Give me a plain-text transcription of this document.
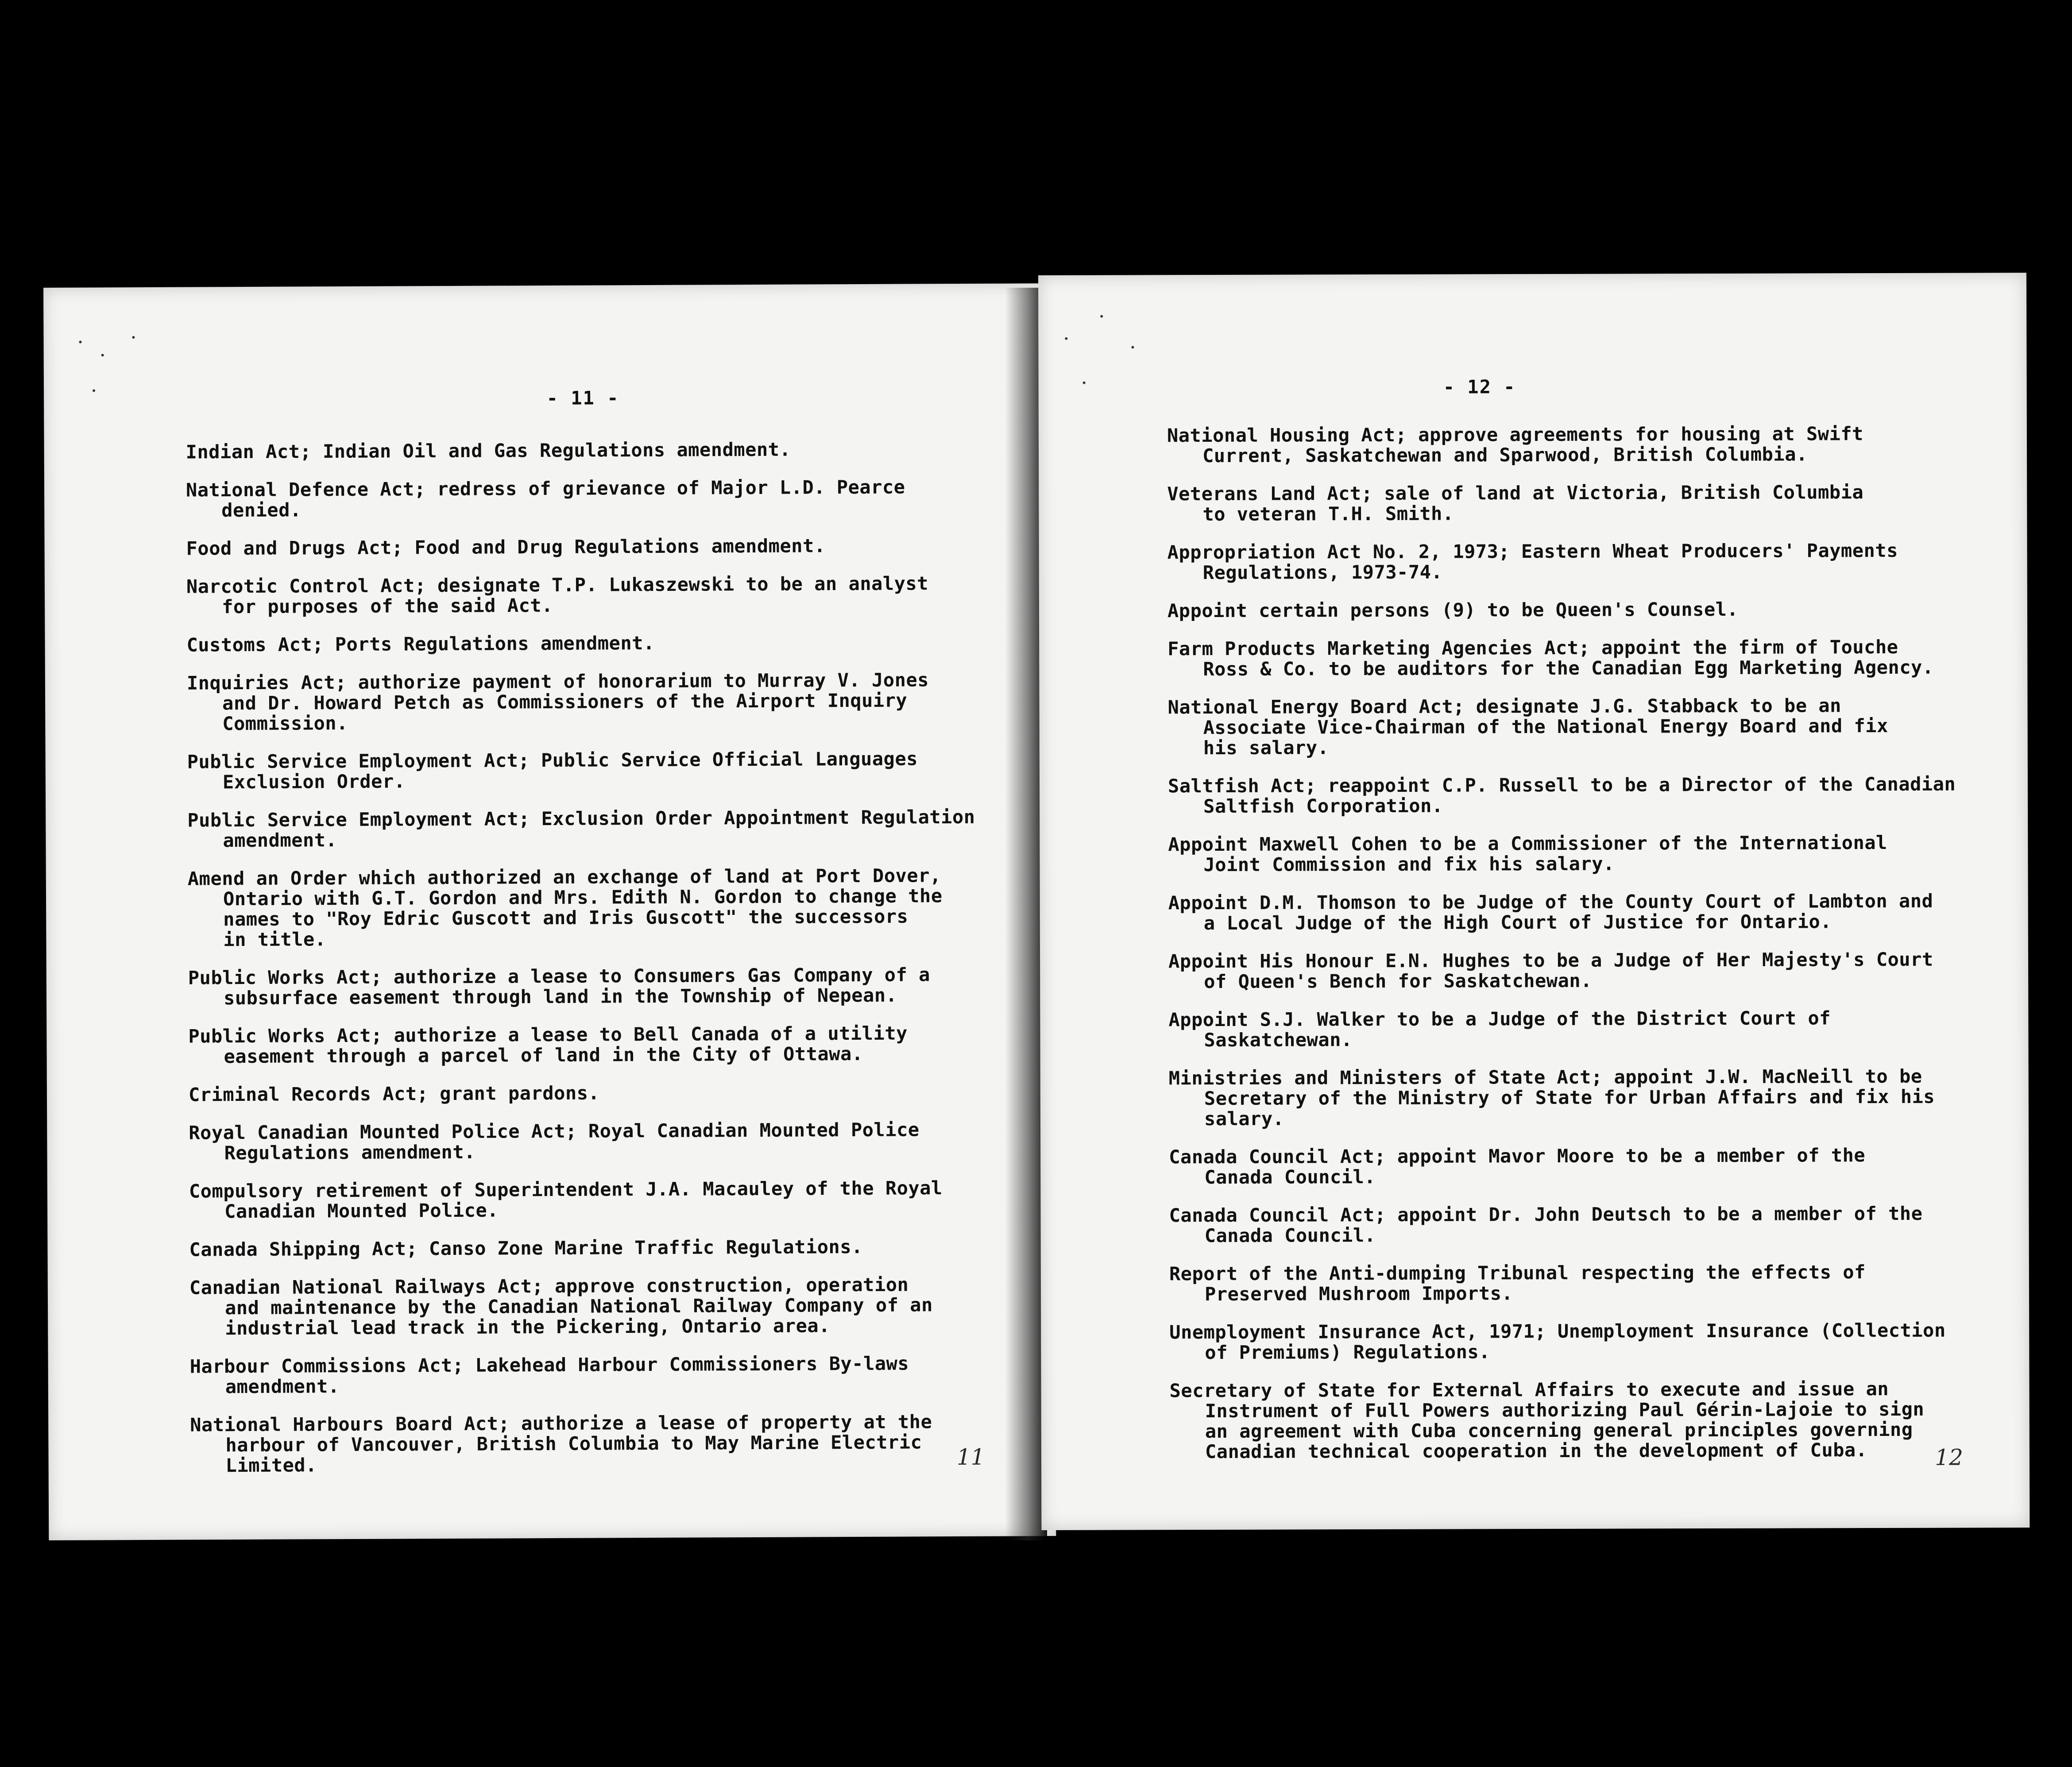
- 11 -

Indian Act; Indian Oil and Gas Regulations amendment.

National Defence Act; redress of grievance of Major L.D. Pearce
denied.

Food and Drugs Act; Food and Drug Regulations amendment.

Narcotic Control Act; designate T.P. Lukaszewski to be an analyst
for purposes of the said Act.

Customs Act; Ports Regulations amendment.

Inquiries Act; authorize payment of honorarium to Murray V. Jones
and Dr. Howard Petch as Commissioners of the Airport Inquiry
Commission.

Public Service Employment Act; Public Service Official Languages
Exclusion Order.

Public Service Employment Act; Exclusion Order Appointment Regulation
amendment.

Amend an Order which authorized an exchange of land at Port Dover,
Ontario with G.T. Gordon and Mrs. Edith N. Gordon to change the
names to "Roy Edric Guscott and Iris Guscott" the successors
in title.

Public Works Act; authorize a lease to Consumers Gas Company of a
subsurface easement through land in the Township of Nepean.

Public Works Act; authorize a lease to Bell Canada of a utility
easement through a parcel of land in the City of Ottawa.

Criminal Records Act; grant pardons.

Royal Canadian Mounted Police Act; Royal Canadian Mounted Police
Regulations amendment.

Compulsory retirement of Superintendent J.A. Macauley of the Royal
Canadian Mounted Police.

Canada Shipping Act; Canso Zone Marine Traffic Regulations.

Canadian National Railways Act; approve construction, operation
and maintenance by the Canadian National Railway Company of an
industrial lead track in the Pickering, Ontario area.

Harbour Commissions Act; Lakehead Harbour Commissioners By-laws
amendment.

National Harbours Board Act; authorize a lease of property at the
harbour of Vancouver, British Columbia to May Marine Electric
Limited.	11
- 12 -

National Housing Act; approve agreements for housing at Swift
Current, Saskatchewan and Sparwood, British Columbia.

Veterans Land Act; sale of land at Victoria, British Columbia
to veteran T.H. Smith.

Appropriation Act No. 2, 1973; Eastern Wheat Producers' Payments
Regulations, 1973-74.

Appoint certain persons (9) to be Queen's Counsel.

Farm Products Marketing Agencies Act; appoint the firm of Touche
Ross & Co. to be auditors for the Canadian Egg Marketing Agency.

National Energy Board Act; designate J.G. Stabback to be an
Associate Vice-Chairman of the National Energy Board and fix
his salary.

Saltfish Act; reappoint C.P. Russell to be a Director of the Canadian
Saltfish Corporation.

Appoint Maxwell Cohen to be a Commissioner of the International
Joint Commission and fix his salary.

Appoint D.M. Thomson to be Judge of the County Court of Lambton and
a Local Judge of the High Court of Justice for Ontario.

Appoint His Honour E.N. Hughes to be a Judge of Her Majesty's Court
of Queen's Bench for Saskatchewan.

Appoint S.J. Walker to be a Judge of the District Court of
Saskatchewan.

Ministries and Ministers of State Act; appoint J.W. MacNeill to be
Secretary of the Ministry of State for Urban Affairs and fix his
salary.

Canada Council Act; appoint Mavor Moore to be a member of the
Canada Council.

Canada Council Act; appoint Dr. John Deutsch to be a member of the
Canada Council.

Report of the Anti-dumping Tribunal respecting the effects of
Preserved Mushroom Imports.

Unemployment Insurance Act, 1971; Unemployment Insurance (Collection
of Premiums) Regulations.

Secretary of State for External Affairs to execute and issue an
Instrument of Full Powers authorizing Paul Gérin-Lajoie to sign
an agreement with Cuba concerning general principles governing
Canadian technical cooperation in the development of Cuba.	12
